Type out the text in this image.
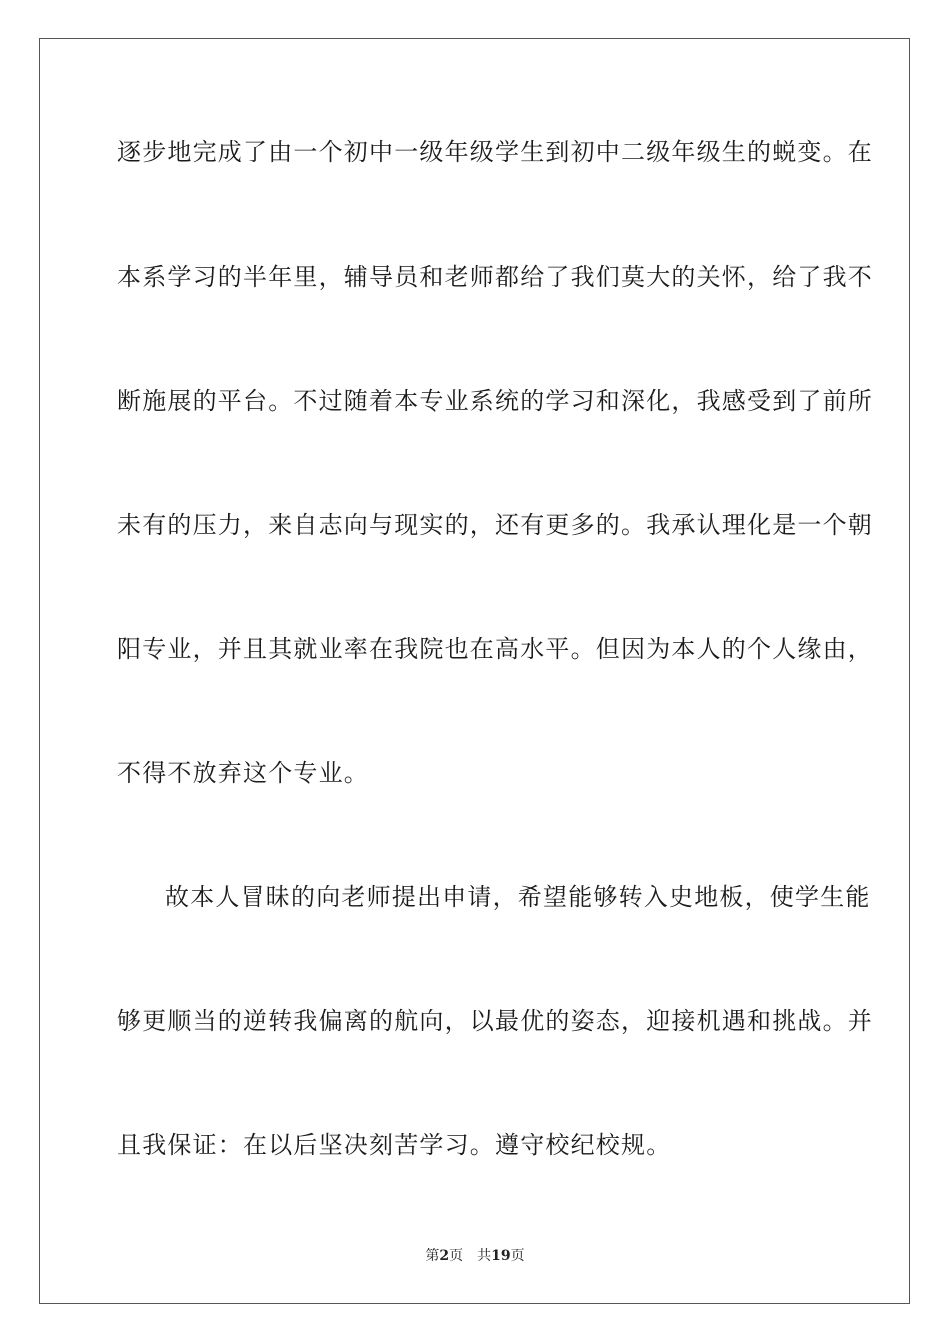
逐步地完成了由一个初中一级年级学生到初中二级年级生的蜕变。在
本系学习的半年里，辅导员和老师都给了我们莫大的关怀，给了我不
断施展的平台。不过随着本专业系统的学习和深化，我感受到了前所
未有的压力，来自志向与现实的，还有更多的。我承认理化是一个朝
阳专业，并且其就业率在我院也在高水平。但因为本人的个人缘由，
不得不放弃这个专业。
故本人冒昧的向老师提出申请，希望能够转入史地板，使学生能
够更顺当的逆转我偏离的航向，以最优的姿态，迎接机遇和挑战。并
且我保证：在以后坚决刻苦学习。遵守校纪校规。
第2页 共19页
